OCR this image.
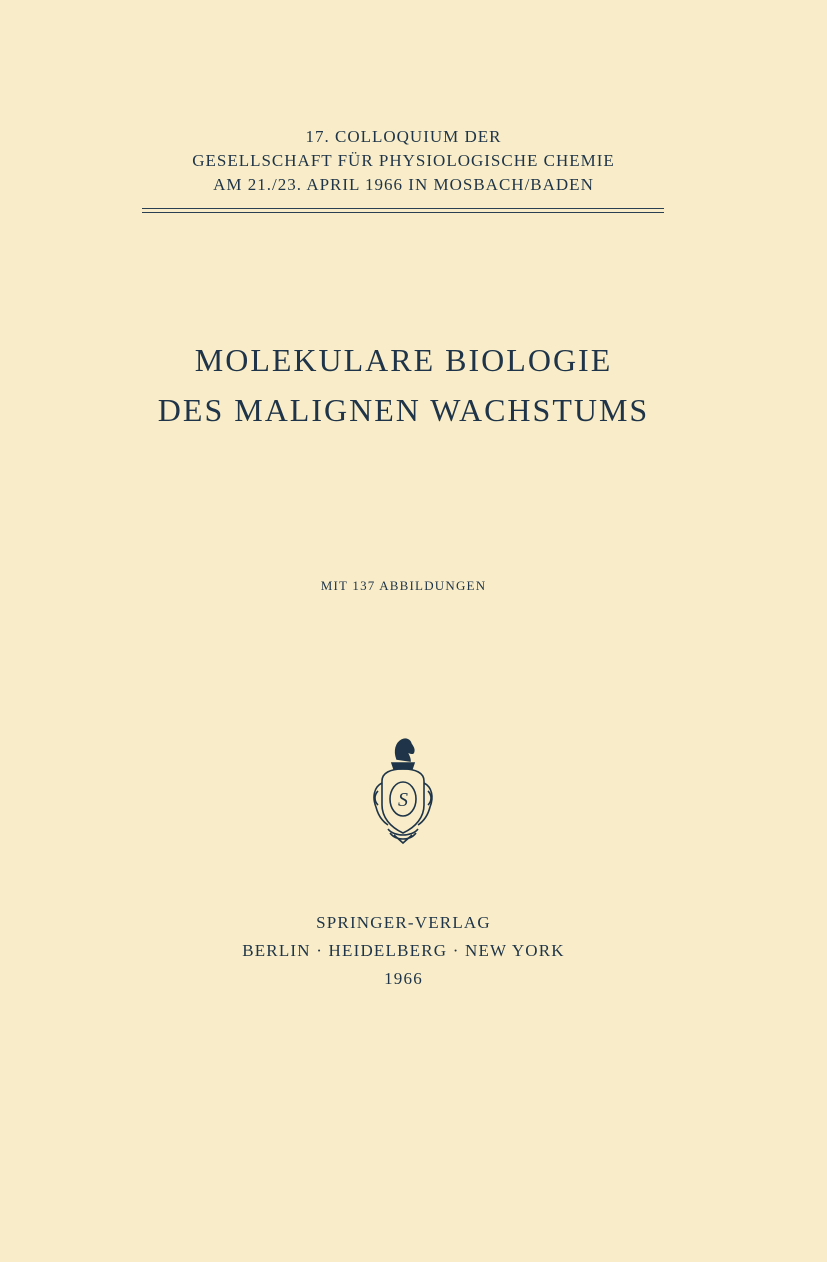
17. COLLOQUIUM DER
GESELLSCHAFT FÜR PHYSIOLOGISCHE CHEMIE
AM 21./23. APRIL 1966 IN MOSBACH/BADEN
MOLEKULARE BIOLOGIE
DES MALIGNEN WACHSTUMS
MIT 137 ABBILDUNGEN
S
SPRINGER-VERLAG
BERLIN · HEIDELBERG · NEW YORK
1966
